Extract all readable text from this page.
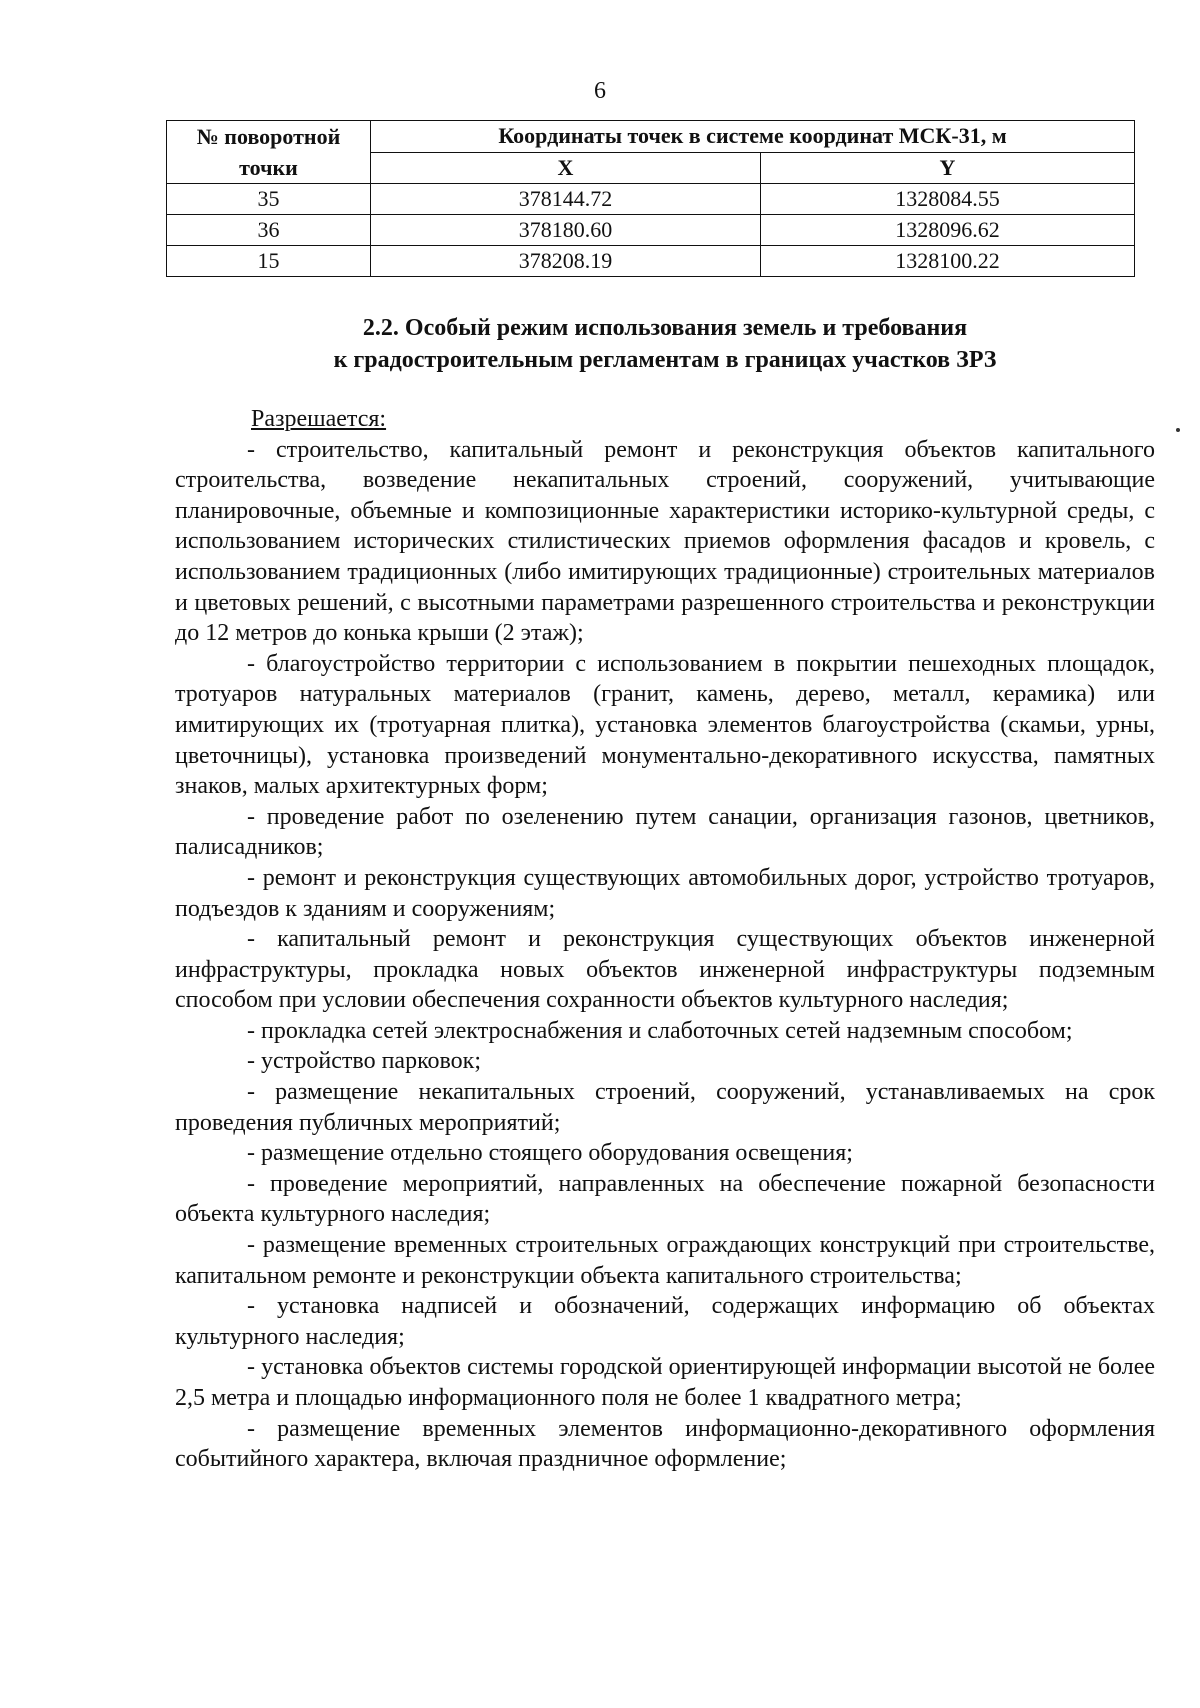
6
№ поворотной точки	Координаты точек в системе координат МСК-31, м	
	X	Y
35	378144.72	1328084.55
36	378180.60	1328096.62
15	378208.19	1328100.22
2.2. Особый режим использования земель и требования
к градостроительным регламентам в границах участков ЗРЗ

Разрешается:

- строительство, капитальный ремонт и реконструкция объектов капитального строительства, возведение некапитальных строений, сооружений, учитывающие планировочные, объемные и композиционные характеристики историко-культурной среды, с использованием исторических стилистических приемов оформления фасадов и кровель, с использованием традиционных (либо имитирующих традиционные) строительных материалов и цветовых решений, с высотными параметрами разрешенного строительства и реконструкции до 12 метров до конька крыши (2 этаж);

- благоустройство территории с использованием в покрытии пешеходных площадок, тротуаров натуральных материалов (гранит, камень, дерево, металл, керамика) или имитирующих их (тротуарная плитка), установка элементов благоустройства (скамьи, урны, цветочницы), установка произведений монументально-декоративного искусства, памятных знаков, малых архитектурных форм;

- проведение работ по озеленению путем санации, организация газонов, цветников, палисадников;

- ремонт и реконструкция существующих автомобильных дорог, устройство тротуаров, подъездов к зданиям и сооружениям;

- капитальный ремонт и реконструкция существующих объектов инженерной инфраструктуры, прокладка новых объектов инженерной инфраструктуры подземным способом при условии обеспечения сохранности объектов культурного наследия;

- прокладка сетей электроснабжения и слаботочных сетей надземным способом;

- устройство парковок;

- размещение некапитальных строений, сооружений, устанавливаемых на срок проведения публичных мероприятий;

- размещение отдельно стоящего оборудования освещения;

- проведение мероприятий, направленных на обеспечение пожарной безопасности объекта культурного наследия;

- размещение временных строительных ограждающих конструкций при строительстве, капитальном ремонте и реконструкции объекта капитального строительства;

- установка надписей и обозначений, содержащих информацию об объектах культурного наследия;

- установка объектов системы городской ориентирующей информации высотой не более 2,5 метра и площадью информационного поля не более 1 квадратного метра;

- размещение временных элементов информационно-декоративного оформления событийного характера, включая праздничное оформление;
